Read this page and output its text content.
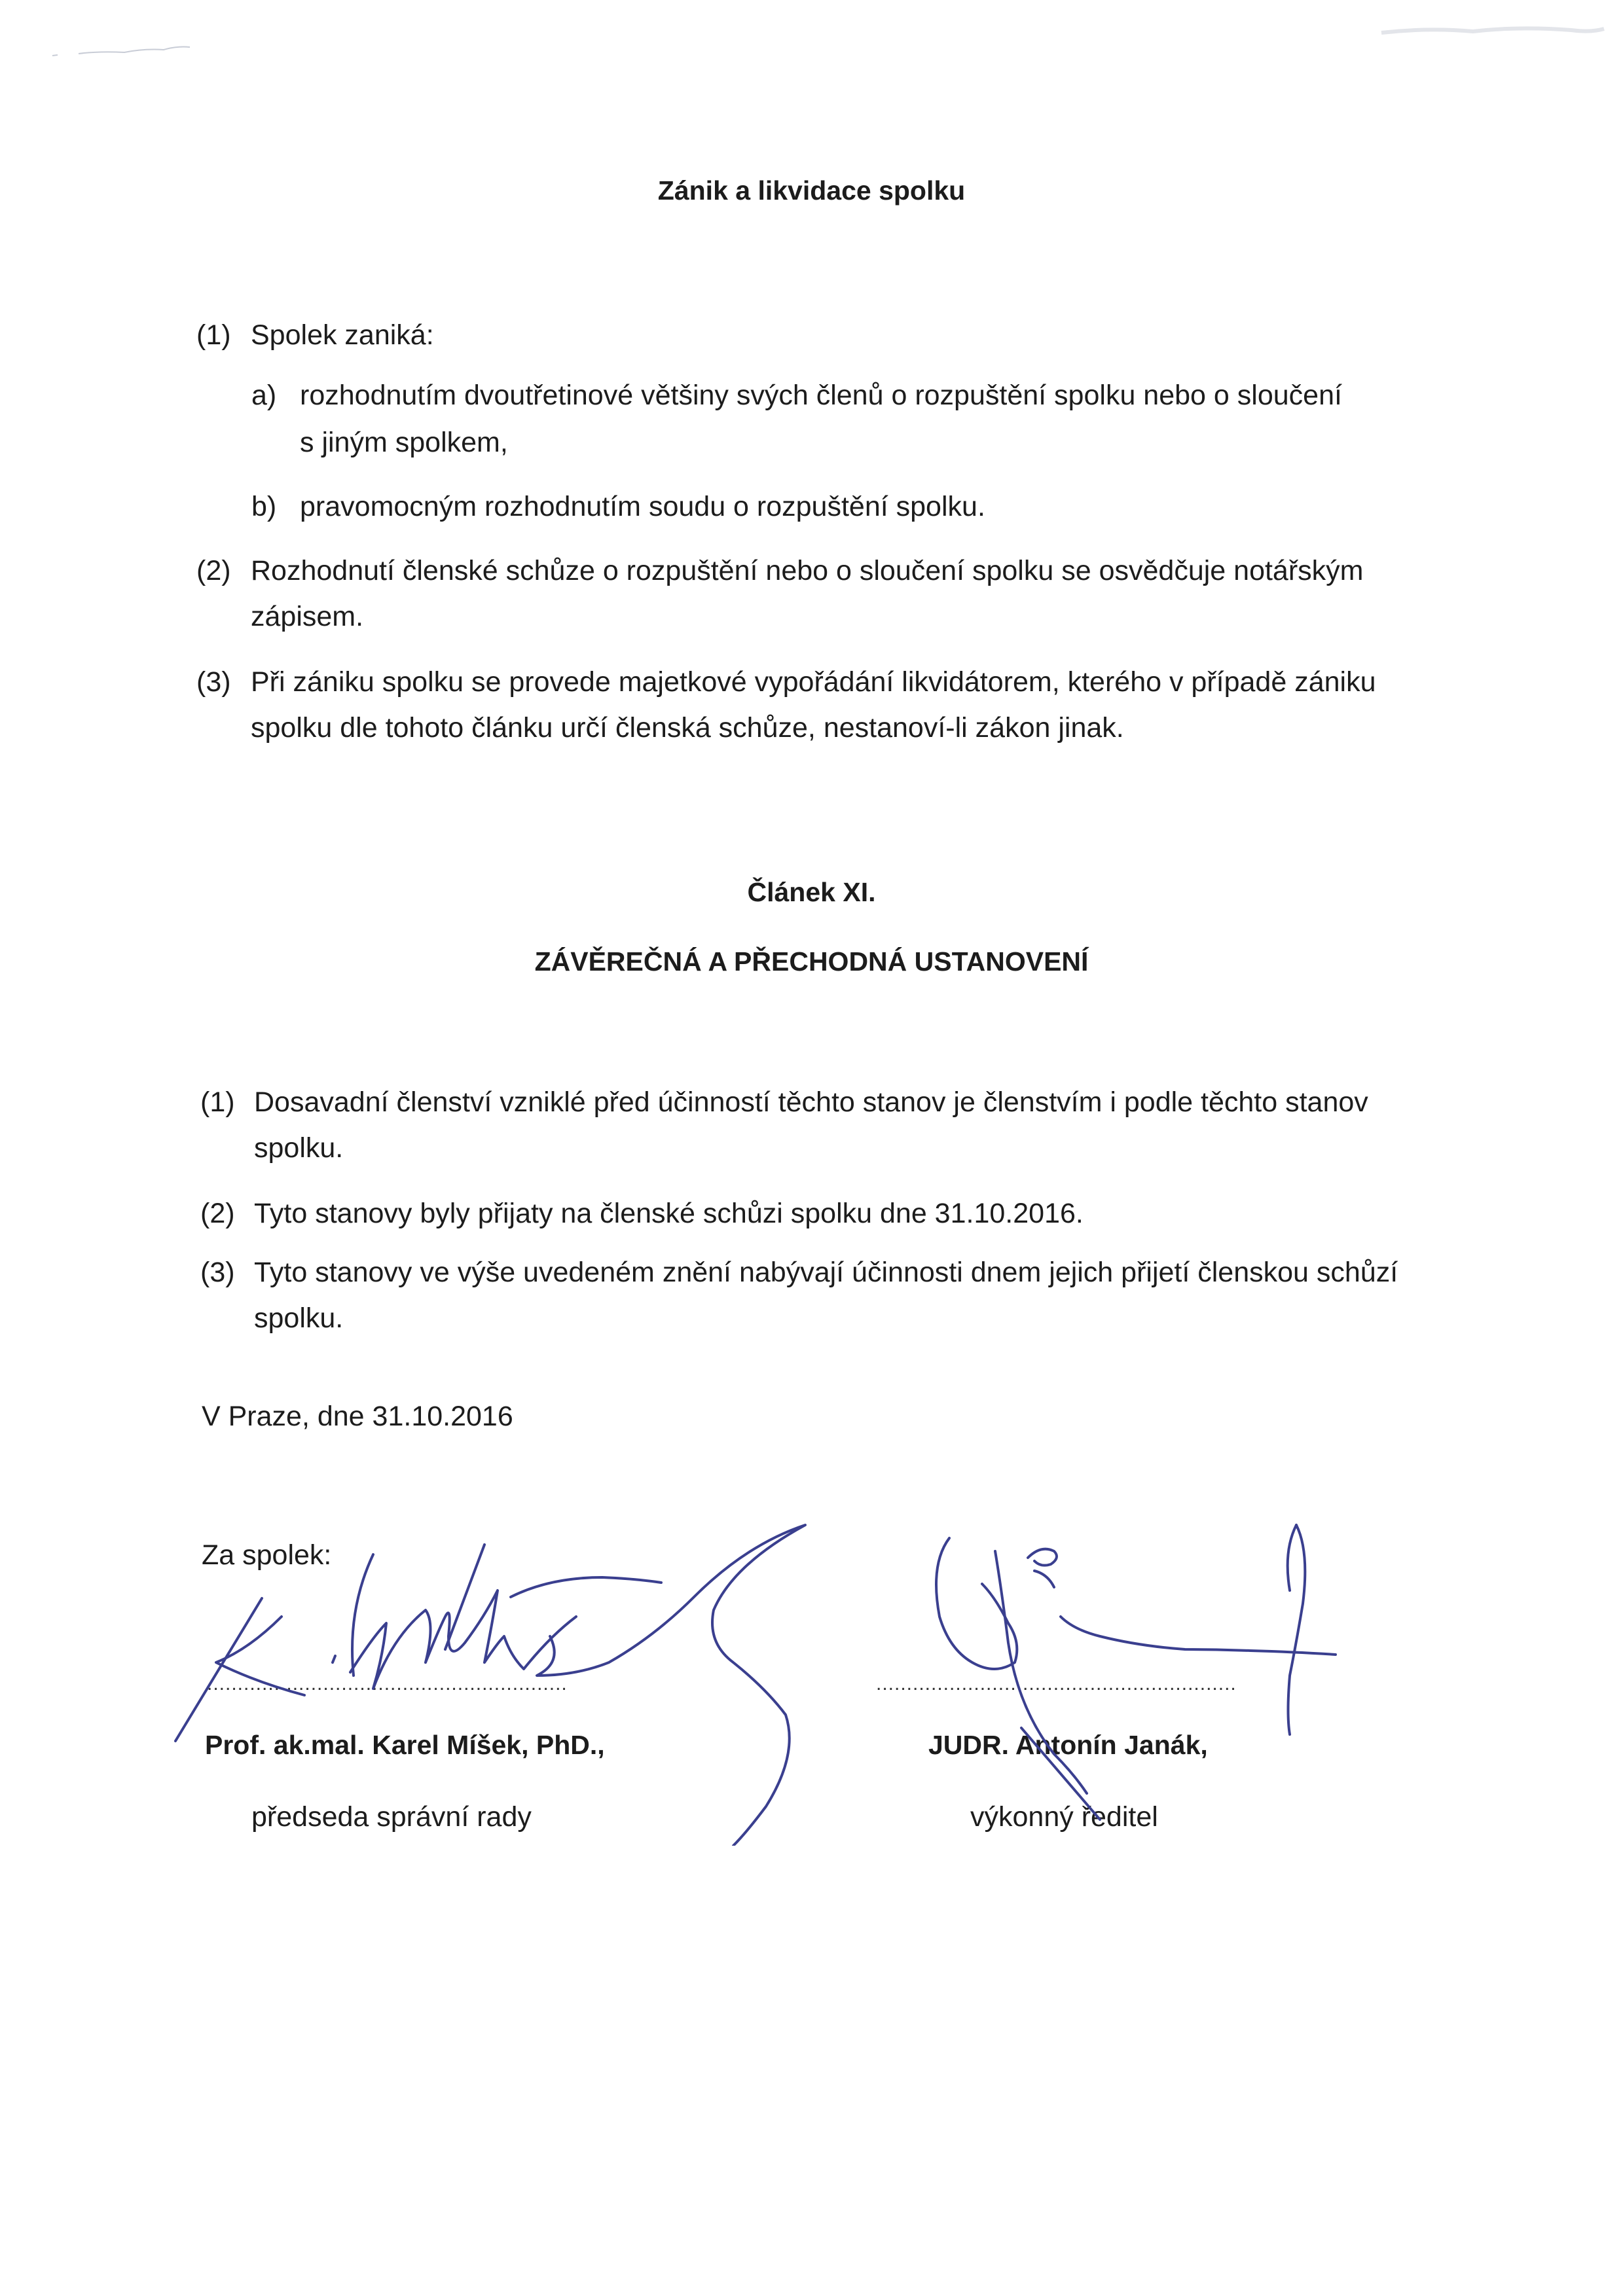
Zánik a likvidace spolku
(1) Spolek zaniká:
a) rozhodnutím dvoutřetinové většiny svých členů o rozpuštění spolku nebo o sloučení
s jiným spolkem,
b) pravomocným rozhodnutím soudu o rozpuštění spolku.
(2) Rozhodnutí členské schůze o rozpuštění nebo o sloučení spolku se osvědčuje notářským
zápisem.
(3) Při zániku spolku se provede majetkové vypořádání likvidátorem, kterého v případě zániku
spolku dle tohoto článku určí členská schůze, nestanoví-li zákon jinak.
Článek XI.
ZÁVĚREČNÁ A PŘECHODNÁ USTANOVENÍ
(1) Dosavadní členství vzniklé před účinností těchto stanov je členstvím i podle těchto stanov
spolku.
(2) Tyto stanovy byly přijaty na členské schůzi spolku dne 31.10.2016.
(3) Tyto stanovy ve výše uvedeném znění nabývají účinnosti dnem jejich přijetí členskou schůzí
spolku.
V Praze, dne 31.10.2016
Za spolek:
...........................................................	...........................................................
Prof. ak.mal. Karel Míšek, PhD.,
předseda správní rady
JUDR. Antonín Janák,
výkonný ředitel
